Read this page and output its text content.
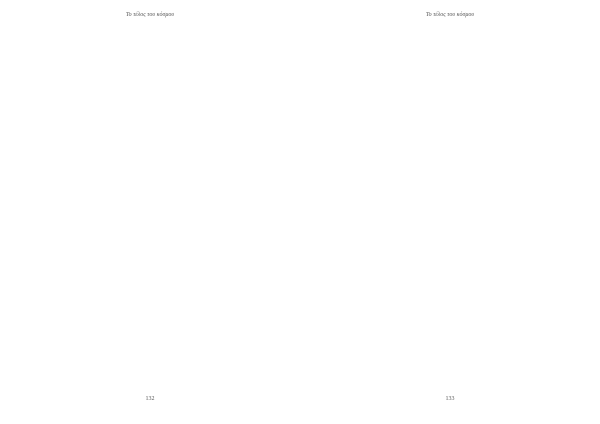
Το τέλος του κόσμου
132
Το τέλος του κόσμου
133
